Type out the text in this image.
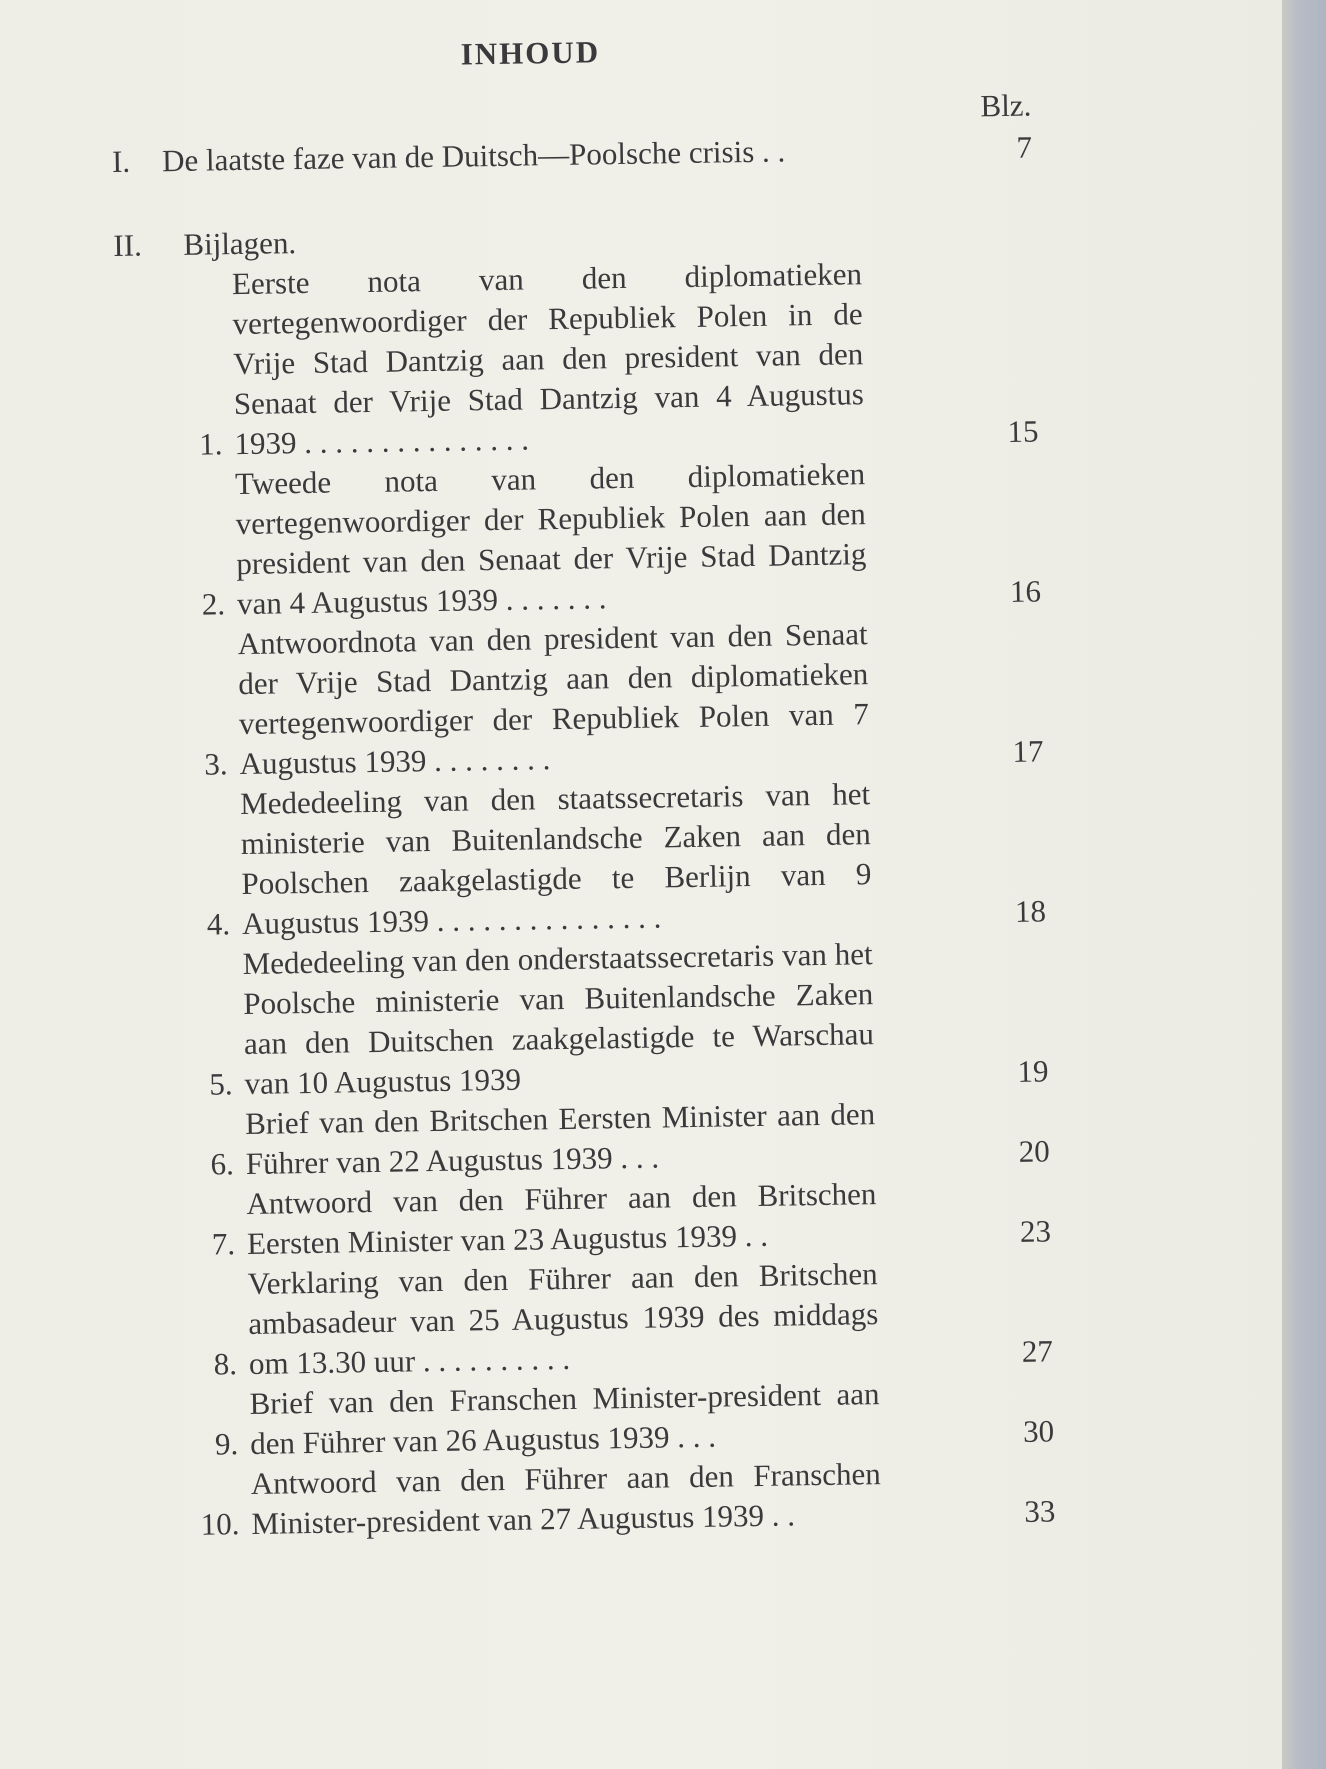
INHOUD
Blz.
I.	De laatste faze van de Duitsch—Poolsche crisis . .	7
II.	Bijlagen.
1.
Eerste nota van den diplomatieken vertegenwoordiger der Republiek Polen in de Vrije Stad Dantzig aan den president van den Senaat der Vrije Stad Dantzig van 4 Augustus 1939 . . . . . . . . . . . . . . .	15
2.
Tweede nota van den diplomatieken vertegenwoordiger der Republiek Polen aan den president van den Senaat der Vrije Stad Dantzig van 4 Augustus 1939 . . . . . . .	16
3.
Antwoordnota van den president van den Senaat der Vrije Stad Dantzig aan den diplomatieken vertegenwoordiger der Republiek Polen van 7 Augustus 1939 . . . . . . . .	17
4.
Mededeeling van den staatssecretaris van het ministerie van Buitenlandsche Zaken aan den Poolschen zaakgelastigde te Berlijn van 9 Augustus 1939 . . . . . . . . . . . . . . .	18
5.
Mededeeling van den onderstaatssecretaris van het Poolsche ministerie van Buitenlandsche Zaken aan den Duitschen zaakgelastigde te Warschau van 10 Augustus 1939	19
6.
Brief van den Britschen Eersten Minister aan den Führer van 22 Augustus 1939 . . .	20
7.
Antwoord van den Führer aan den Britschen Eersten Minister van 23 Augustus 1939 . .	23
8.
Verklaring van den Führer aan den Britschen ambasadeur van 25 Augustus 1939 des middags om 13.30 uur . . . . . . . . . .	27
9.
Brief van den Franschen Minister-president aan den Führer van 26 Augustus 1939 . . .	30
10.
Antwoord van den Führer aan den Franschen Minister-president van 27 Augustus 1939 . .	33
